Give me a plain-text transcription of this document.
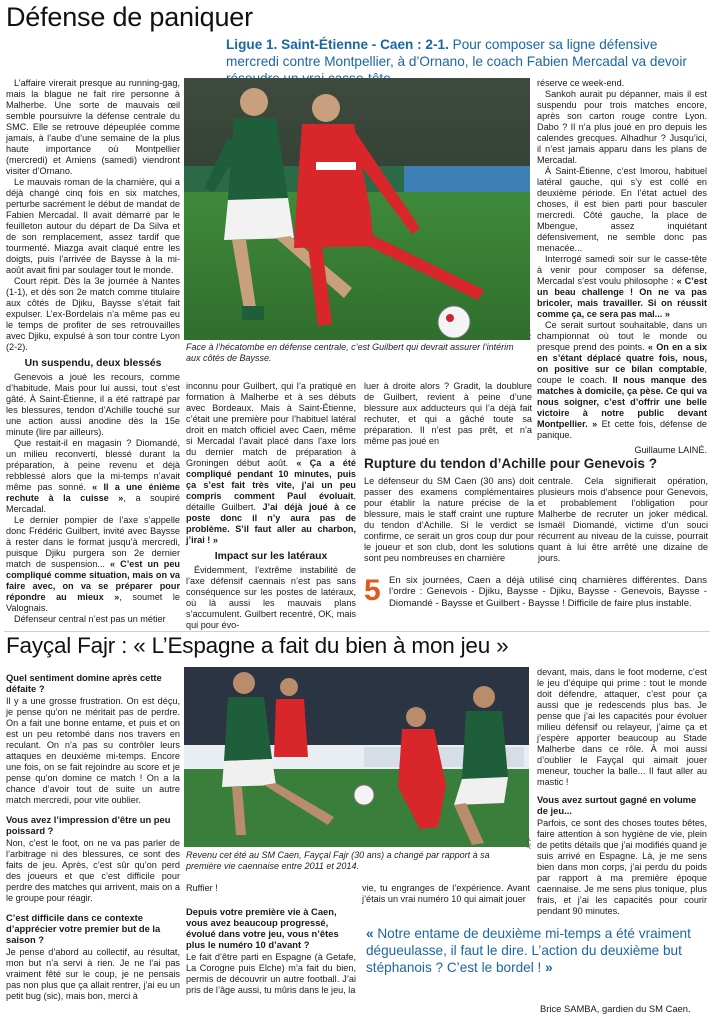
Défense de paniquer
Ligue 1. Saint-Étienne - Caen : 2-1. Pour composer sa ligne défensive mercredi contre Montpellier, à d’Ornano, le coach Fabien Mercadal va devoir

L’affaire virerait presque au running-gag, mais la blague ne fait rire personne à Malherbe. Une sorte de mauvais œil semble poursuivre la défense centrale du SMC. Elle se retrouve dépeuplée comme jamais, à l’aube d’une semaine de la plus haute importance où Montpellier (mercredi) et Amiens (samedi) viendront visiter d’Ornano.

Le mauvais roman de la charnière, qui a déjà changé cinq fois en six matches, perturbe sacrément le début de mandat de Fabien Mercadal. Il avait démarré par le feuilleton autour du départ de Da Silva et de son remplacement, assez tardif que tourmenté. Miazga avait claqué entre les doigts, puis l’arrivée de Baysse à la mi-août avait fini par soulager tout le monde.

Court répit. Dès la 3e journée à Nantes (1-1), et dès son 2e match comme titulaire aux côtés de Djiku, Baysse s’était fait expulser. L’ex-Bordelais n’a même pas eu le temps de profiter de ses retrouvailles avec Djiku, expulsé à son tour contre Lyon (2-2).

Un suspendu, deux blessés

Genevois a joué les recours, comme d’habitude. Mais pour lui aussi, tout s’est gâté. À Saint-Étienne, il a été rattrapé par les blessures, tendon d’Achille touché sur une action aussi anodine dès la 15e minute (lire par ailleurs).

Que restait-il en magasin ? Diomandé, un milieu reconverti, blessé durant la préparation, à peine revenu et déjà rebblessé alors que la mi-temps n’avait même pas sonné. « Il a une énième rechute à la cuisse », a soupiré Mercadal.

Le dernier pompier de l’axe s’appelle donc Frédéric Guilbert, invité avec Baysse à rester dans le format jusqu’à mercredi, puisque Djiku purgera son 2e dernier match de suspension... « C’est un peu compliqué comme situation, mais on va faire avec, on va se préparer pour répondre au mieux », soumet le Valognais.

Défenseur central n’est pas un métier

Face à l’hécatombe en défense centrale, c’est Guilbert qui devrait assurer l’intérim aux côtés de Baysse.
AFP

inconnu pour Guilbert, qui l’a pratiqué en formation à Malherbe et à ses débuts avec Bordeaux. Mais à Saint-Étienne, c’était une première pour l’habituel latéral droit en match officiel avec Caen, même si Mercadal l’avait placé dans l’axe lors du dernier match de préparation à Groningen début août. « Ça a été compliqué pendant 10 minutes, puis ça s’est fait très vite, j’ai un peu compris comment Paul évoluait, détaille Guilbert. J’ai déjà joué à ce poste donc il n’y aura pas de problème. S’il faut aller au charbon, j’irai ! »

Impact sur les latéraux

Évidemment, l’extrême instabilité de l’axe défensif caennais n’est pas sans conséquence sur les postes de latéraux, où là aussi les mauvais plans s’accumulent. Guilbert recentré, OK, mais qui pour évo-

luer à droite alors ? Gradit, la doublure de Guilbert, revient à peine d’une blessure aux adducteurs qui l’a déjà fait rechuter, et qui a gâché toute sa préparation. Il n’est pas prêt, et n’a même pas joué en

réserve ce week-end.

Sankoh aurait pu dépanner, mais il est suspendu pour trois matches encore, après son carton rouge contre Lyon. Dabo ? Il n’a plus joué en pro depuis les calendes grecques. Alhadhur ? Jusqu’ici, il n’est jamais apparu dans les plans de Mercadal.

À Saint-Étienne, c’est Imorou, habituel latéral gauche, qui s’y est collé en deuxième période. En l’état actuel des choses, il est bien parti pour basculer mercredi. Côté gauche, la place de Mbengue, assez inquiétant défensivement, ne semble donc pas menacée...

Interrogé samedi soir sur le casse-tête à venir pour composer sa défense, Mercadal s’est voulu philosophe : « C’est un beau challenge ! On ne va pas bricoler, mais travailler. Si on réussit comme ça, ce sera pas mal... »

Ce serait surtout souhaitable, dans un championnat où tout le monde ou presque prend des points. « On en a six en s’étant déplacé quatre fois, nous, on positive sur ce bilan comptable, coupe le coach. Il nous manque des matches à domicile, ça pèse. Ce qui va nous soigner, c’est d’offrir une belle victoire à notre public devant Montpellier. » Et cette fois, défense de panique.

Guillaume LAINÉ.

Rupture du tendon d’Achille pour Genevois ?

Le défenseur du SM Caen (30 ans) doit passer des examens complémentaires pour établir la nature précise de la blessure, mais le staff craint une rupture du tendon d’Achille. Si le verdict se confirme, ce serait un gros coup dur pour le joueur et son club, dont les solutions sont peu nombreuses en charnière

centrale. Cela signifierait opération, plusieurs mois d’absence pour Genevois, et probablement l’obligation pour Malherbe de recruter un joker médical. Ismaël Diomandé, victime d’un souci récurrent au niveau de la cuisse, pourrait quant à lui être arrêté une dizaine de jours.

5 En six journées, Caen a déjà utilisé cinq charnières différentes. Dans l’ordre : Genevois - Djiku, Baysse - Djiku, Baysse - Genevois, Baysse - Diomandé - Baysse et Guilbert - Baysse ! Difficile de faire plus instable.
Fayçal Fajr : « L’Espagne a fait du bien à mon jeu »
Quel sentiment domine après cette défaite ?

Il y a une grosse frustration. On est déçu, je pense qu’on ne méritait pas de perdre. On a fait une bonne entame, et puis et on est un peu retombé dans nos travers en reculant. On n’a pas su contrôler leurs attaques en deuxième mi-temps. Encore une fois, on se fait rejoindre au score et je pense qu’on domine ce match ! On a la chance d’avoir tout de suite un autre match mercredi, pour vite oublier.

Vous avez l’impression d’être un peu poissard ?

Non, c’est le foot, on ne va pas parler de l’arbitrage ni des blessures, ce sont des faits de jeu. Après, c’est sûr qu’on perd des joueurs et que c’est difficile pour perdre des matches qui arrivent, mais on a le groupe pour réagir.

C’est difficile dans ce contexte d’apprécier votre premier but de la saison ?

Je pense d’abord au collectif, au résultat, mon but n’a servi à rien. Je ne l’ai pas vraiment fêté sur le coup, je ne pensais pas non plus que ça allait rentrer, j’ai eu un petit bug (sic), mais bon, merci à

Revenu cet été au SM Caen, Fayçal Fajr (30 ans) a changé par rapport à sa première vie caennaise entre 2011 et 2014.
AFP

Ruffier !

Depuis votre première vie à Caen, vous avez beaucoup progressé, évolué dans votre jeu, vous n’êtes plus le numéro 10 d’avant ?

Le fait d’être parti en Espagne (à Getafe, La Corogne puis Elche) m’a fait du bien, permis de découvrir un autre football. J’ai pris de l’âge aussi, tu mûris dans le jeu, la

vie, tu engranges de l’expérience. Avant j’étais un vrai numéro 10 qui aimait jouer

devant, mais, dans le foot moderne, c’est le jeu d’équipe qui prime : tout le monde doit défendre, attaquer, c’est pour ça aussi que je redescends plus bas. Je pense que j’ai les capacités pour évoluer milieu défensif ou relayeur, j’aime ça et j’espère apporter beaucoup au Stade Malherbe dans ce rôle. À moi aussi d’oublier le Fayçal qui aimait jouer meneur, toucher la balle... Il faut aller au mastic !

Vous avez surtout gagné en volume de jeu...

Parfois, ce sont des choses toutes bêtes, faire attention à son hygiène de vie, plein de petits détails que j’ai modifiés quand je suis arrivé en Espagne. Là, je me sens bien dans mon corps, j’ai perdu du poids par rapport à ma première époque caennaise. Je me sens plus tonique, plus frais, et j’ai les capacités pour courir pendant 90 minutes.

« Notre entame de deuxième mi-temps a été vraiment dégueulasse, il faut le dire. L’action du deuxième but stéphanois ? C’est le bordel ! »
Brice SAMBA, gardien du SM Caen.
